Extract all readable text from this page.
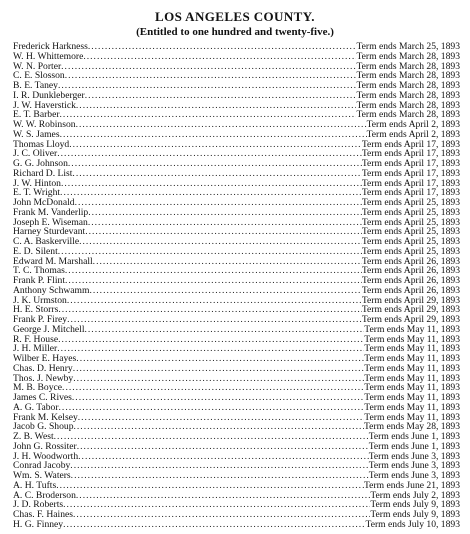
LOS ANGELES COUNTY.
(Entitled to one hundred and twenty-five.)
Frederick Harkness .....	Term ends March 25, 1893
W. H. Whittemore .....	Term ends March 28, 1893
W. N. Porter .....	Term ends March 28, 1893
C. E. Slosson .....	Term ends March 28, 1893
B. E. Taney .....	Term ends March 28, 1893
I. R. Dunkleberger .....	Term ends March 28, 1893
J. W. Haverstick .....	Term ends March 28, 1893
E. T. Barber .....	Term ends March 28, 1893
W. W. Robinson .....	Term ends April 2, 1893
W. S. James .....	Term ends April 2, 1893
Thomas Lloyd .....	Term ends April 17, 1893
J. C. Oliver .....	Term ends April 17, 1893
G. G. Johnson .....	Term ends April 17, 1893
Richard D. List .....	Term ends April 17, 1893
J. W. Hinton .....	Term ends April 17, 1893
E. T. Wright .....	Term ends April 17, 1893
John McDonald .....	Term ends April 25, 1893
Frank M. Vanderlip .....	Term ends April 25, 1893
Joseph E. Wiseman .....	Term ends April 25, 1893
Harney Sturdevant .....	Term ends April 25, 1893
C. A. Baskerville .....	Term ends April 25, 1893
E. D. Silent .....	Term ends April 25, 1893
Edward M. Marshall .....	Term ends April 26, 1893
T. C. Thomas .....	Term ends April 26, 1893
Frank P. Flint .....	Term ends April 26, 1893
Anthony Schwamm .....	Term ends April 26, 1893
J. K. Urmston .....	Term ends April 29, 1893
H. E. Storrs .....	Term ends April 29, 1893
Frank P. Firey .....	Term ends April 29, 1893
George J. Mitchell .....	Term ends May 11, 1893
R. F. House .....	Term ends May 11, 1893
J. H. Miller .....	Term ends May 11, 1893
Wilber E. Hayes .....	Term ends May 11, 1893
Chas. D. Henry .....	Term ends May 11, 1893
Thos. J. Newby .....	Term ends May 11, 1893
M. B. Boyce .....	Term ends May 11, 1893
James C. Rives .....	Term ends May 11, 1893
A. G. Tabor .....	Term ends May 11, 1893
Frank M. Kelsey .....	Term ends May 11, 1893
Jacob G. Shoup .....	Term ends May 28, 1893
Z. B. West .....	Term ends June 1, 1893
John G. Rossiter .....	Term ends June 1, 1893
J. H. Woodworth .....	Term ends June 3, 1893
Conrad Jacoby .....	Term ends June 3, 1893
Wm. S. Waters .....	Term ends June 3, 1893
A. H. Tufts .....	Term ends June 21, 1893
A. C. Broderson .....	Term ends July 2, 1893
J. D. Roberts .....	Term ends July 9, 1893
Chas. F. Haines .....	Term ends July 9, 1893
H. G. Finney .....	Term ends July 10, 1893
